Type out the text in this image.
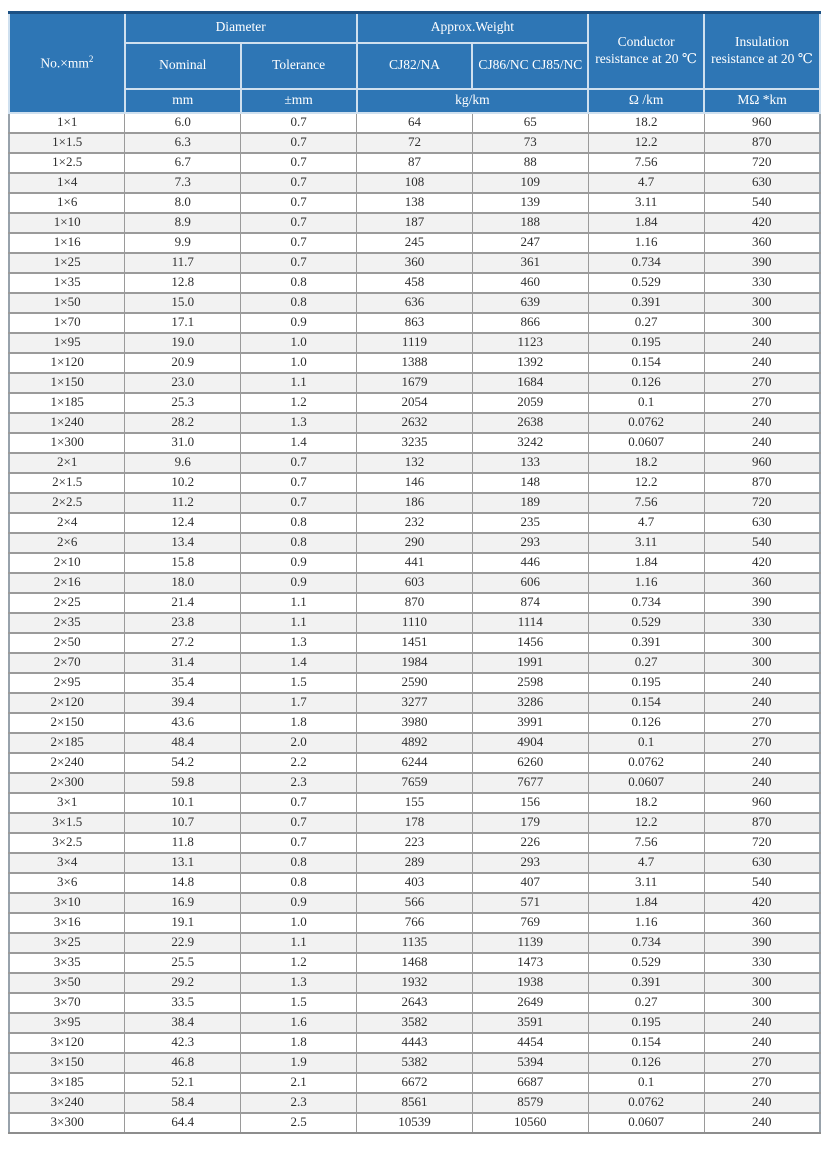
$No.\times mm^2$	Diameter		Approx.Weight		Conductor resistance at 20 ℃	Insulation resistance at 20 ℃
	Nominal	Tolerance	CJ82/NA	CJ86/NC CJ85/NC		
	mm	±mm	kg/km		Ω /km	MΩ *km
1×1	6.0	0.7	64	65	18.2	960
1×1.5	6.3	0.7	72	73	12.2	870
1×2.5	6.7	0.7	87	88	7.56	720
1×4	7.3	0.7	108	109	4.7	630
1×6	8.0	0.7	138	139	3.11	540
1×10	8.9	0.7	187	188	1.84	420
1×16	9.9	0.7	245	247	1.16	360
1×25	11.7	0.7	360	361	0.734	390
1×35	12.8	0.8	458	460	0.529	330
1×50	15.0	0.8	636	639	0.391	300
1×70	17.1	0.9	863	866	0.27	300
1×95	19.0	1.0	1119	1123	0.195	240
1×120	20.9	1.0	1388	1392	0.154	240
1×150	23.0	1.1	1679	1684	0.126	270
1×185	25.3	1.2	2054	2059	0.1	270
1×240	28.2	1.3	2632	2638	0.0762	240
1×300	31.0	1.4	3235	3242	0.0607	240
2×1	9.6	0.7	132	133	18.2	960
2×1.5	10.2	0.7	146	148	12.2	870
2×2.5	11.2	0.7	186	189	7.56	720
2×4	12.4	0.8	232	235	4.7	630
2×6	13.4	0.8	290	293	3.11	540
2×10	15.8	0.9	441	446	1.84	420
2×16	18.0	0.9	603	606	1.16	360
2×25	21.4	1.1	870	874	0.734	390
2×35	23.8	1.1	1110	1114	0.529	330
2×50	27.2	1.3	1451	1456	0.391	300
2×70	31.4	1.4	1984	1991	0.27	300
2×95	35.4	1.5	2590	2598	0.195	240
2×120	39.4	1.7	3277	3286	0.154	240
2×150	43.6	1.8	3980	3991	0.126	270
2×185	48.4	2.0	4892	4904	0.1	270
2×240	54.2	2.2	6244	6260	0.0762	240
2×300	59.8	2.3	7659	7677	0.0607	240
3×1	10.1	0.7	155	156	18.2	960
3×1.5	10.7	0.7	178	179	12.2	870
3×2.5	11.8	0.7	223	226	7.56	720
3×4	13.1	0.8	289	293	4.7	630
3×6	14.8	0.8	403	407	3.11	540
3×10	16.9	0.9	566	571	1.84	420
3×16	19.1	1.0	766	769	1.16	360
3×25	22.9	1.1	1135	1139	0.734	390
3×35	25.5	1.2	1468	1473	0.529	330
3×50	29.2	1.3	1932	1938	0.391	300
3×70	33.5	1.5	2643	2649	0.27	300
3×95	38.4	1.6	3582	3591	0.195	240
3×120	42.3	1.8	4443	4454	0.154	240
3×150	46.8	1.9	5382	5394	0.126	270
3×185	52.1	2.1	6672	6687	0.1	270
3×240	58.4	2.3	8561	8579	0.0762	240
3×300	64.4	2.5	10539	10560	0.0607	240
